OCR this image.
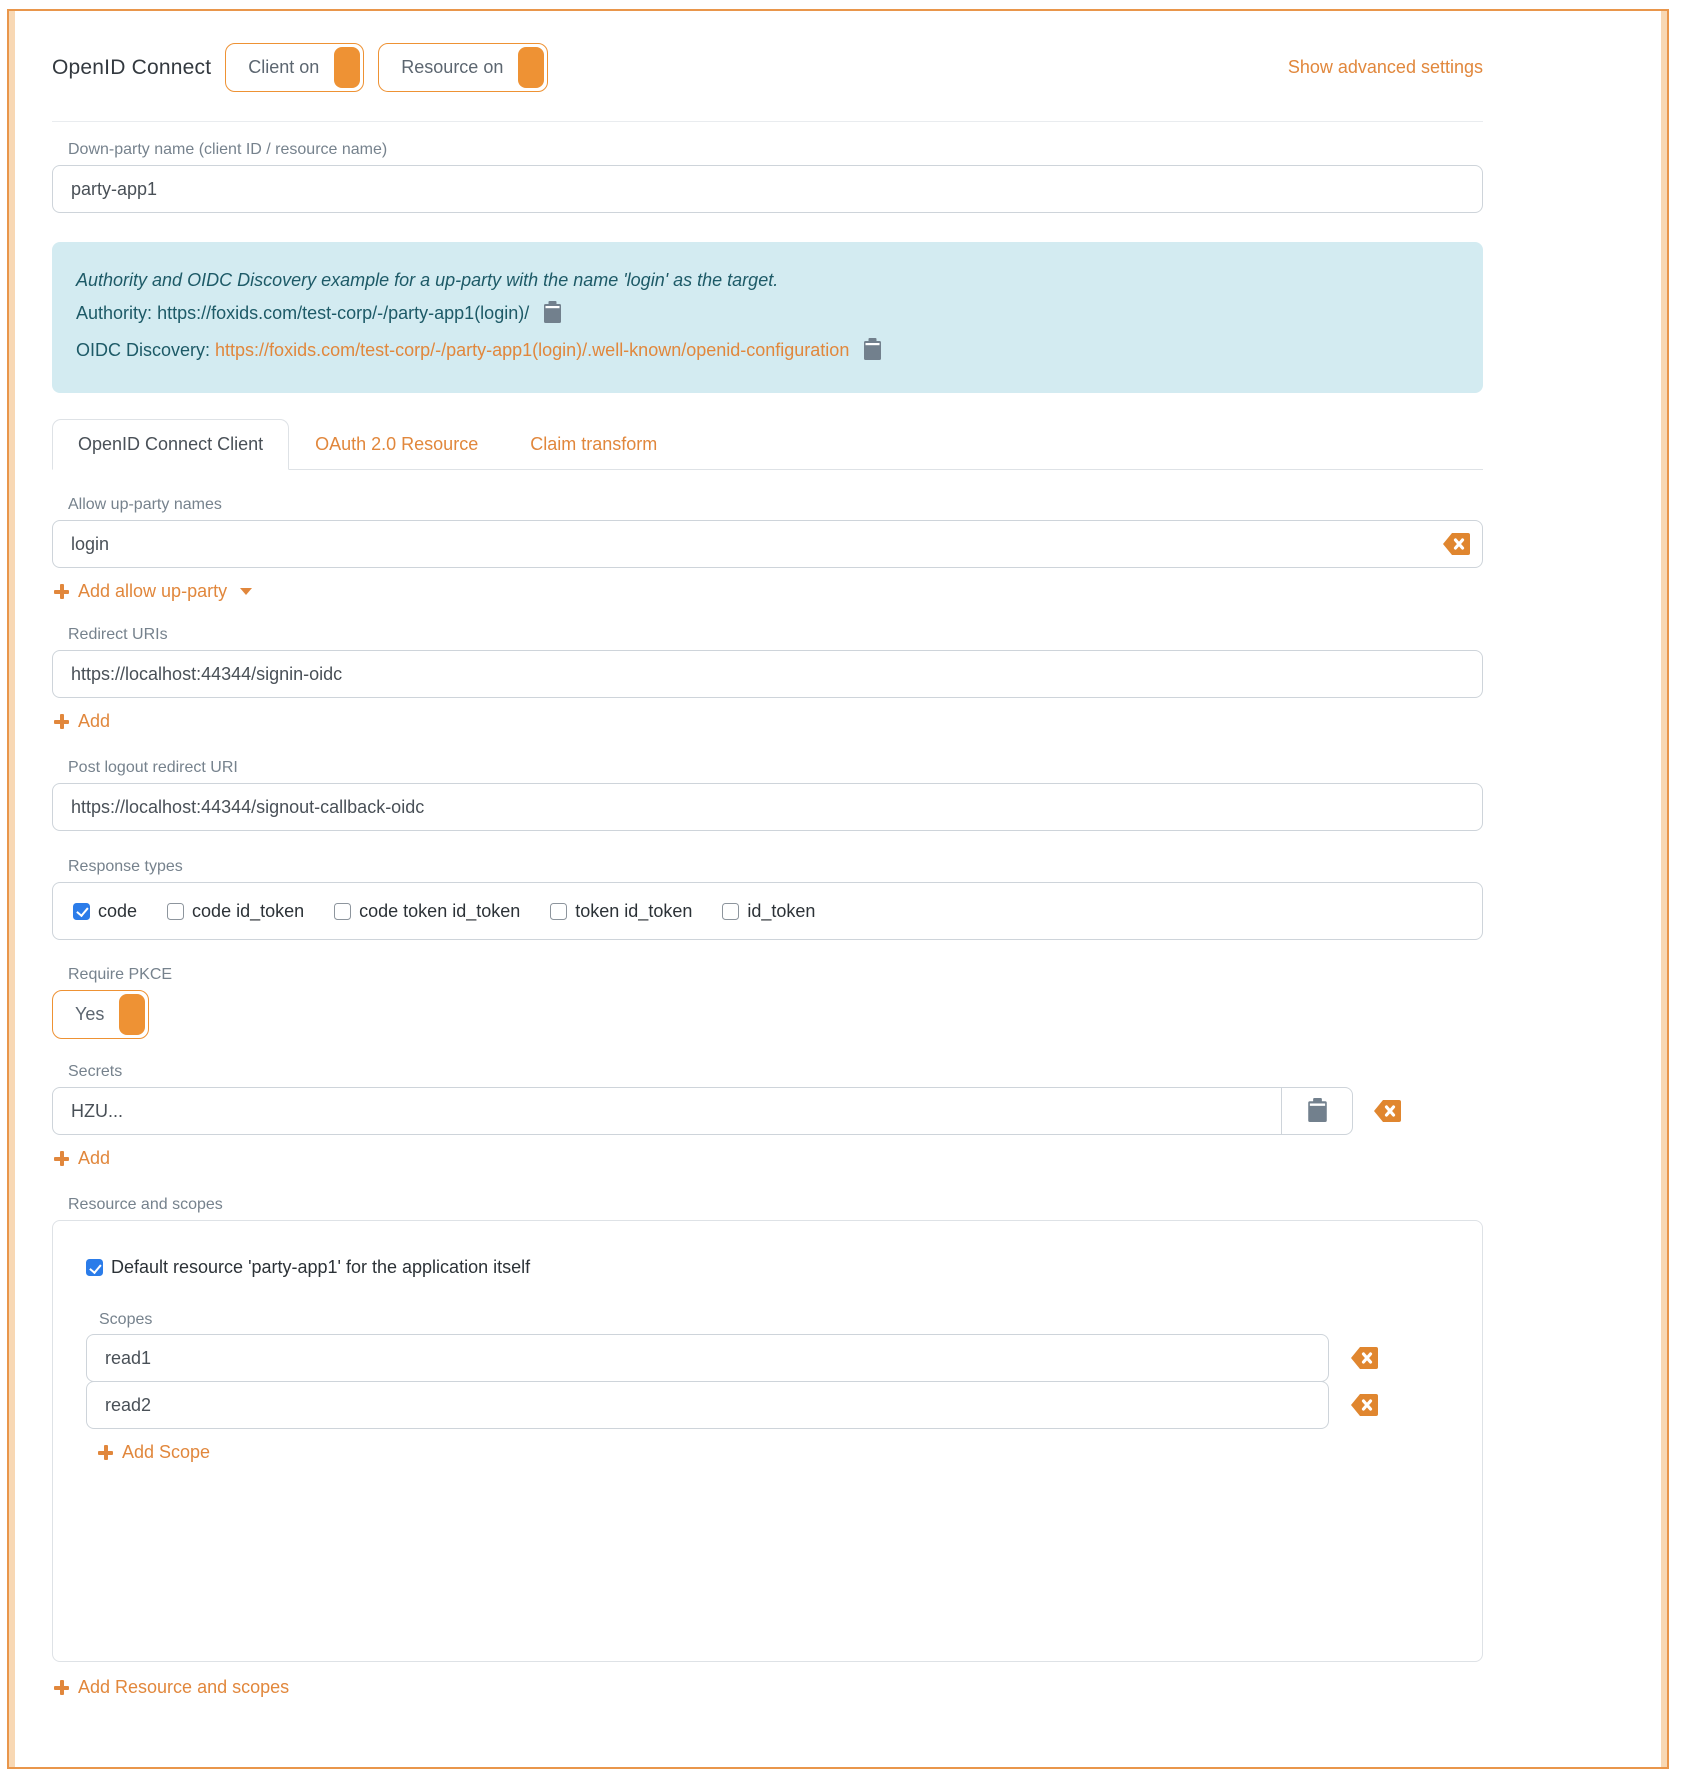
OpenID Connect Client on	Resource on	Show advanced settings
Down-party name (client ID / resource name)
party-app1
Authority and OIDC Discovery example for a up-party with the name 'login' as the target.
Authority: https://foxids.com/test-corp/-/party-app1(login)/
OIDC Discovery: https://foxids.com/test-corp/-/party-app1(login)/.well-known/openid-configuration
OpenID Connect Client	OAuth 2.0 Resource	Claim transform
Allow up-party names
login
Add allow up-party
Redirect URIs
https://localhost:44344/signin-oidc
Add
Post logout redirect URI
https://localhost:44344/signout-callback-oidc
Response types
code	code id_token	code token id_token	token id_token	id_token
Require PKCE
Yes
Secrets
HZU...
Add
Resource and scopes
Default resource 'party-app1' for the application itself
Scopes
read1
read2
Add Scope
Add Resource and scopes
